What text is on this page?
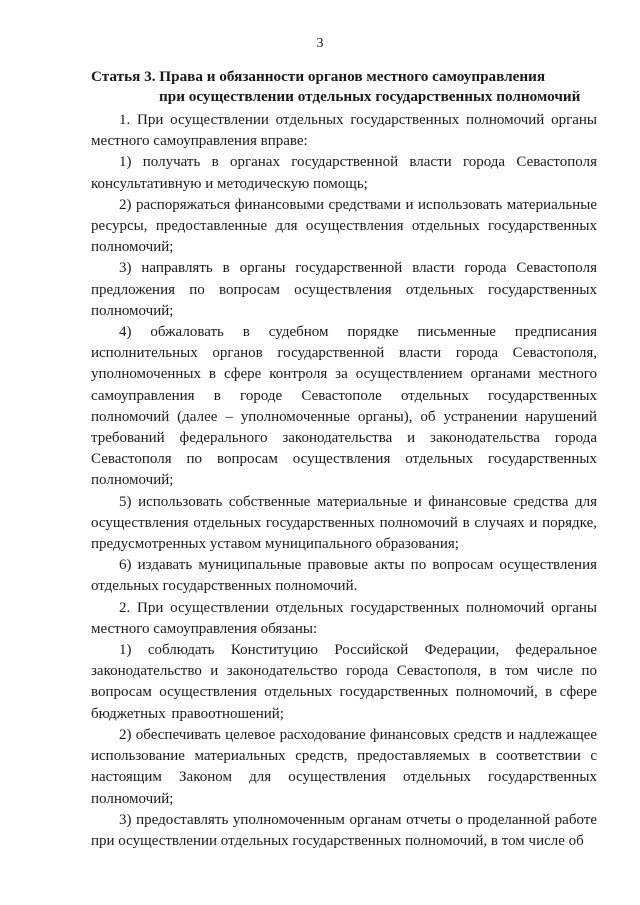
3
Статья 3. Права и обязанности органов местного самоуправления
при осуществлении отдельных государственных полномочий

1. При осуществлении отдельных государственных полномочий органы местного самоуправления вправе:

1) получать в органах государственной власти города Севастополя консультативную и методическую помощь;

2) распоряжаться финансовыми средствами и использовать материальные ресурсы, предоставленные для осуществления отдельных государственных полномочий;

3) направлять в органы государственной власти города Севастополя предложения по вопросам осуществления отдельных государственных полномочий;

4) обжаловать в судебном порядке письменные предписания исполнительных органов государственной власти города Севастополя, уполномоченных в сфере контроля за осуществлением органами местного самоуправления в городе Севастополе отдельных государственных полномочий (далее – уполномоченные органы), об устранении нарушений требований федерального законодательства и законодательства города Севастополя по вопросам осуществления отдельных государственных полномочий;

5) использовать собственные материальные и финансовые средства для осуществления отдельных государственных полномочий в случаях и порядке, предусмотренных уставом муниципального образования;

6) издавать муниципальные правовые акты по вопросам осуществления отдельных государственных полномочий.

2. При осуществлении отдельных государственных полномочий органы местного самоуправления обязаны:

1) соблюдать Конституцию Российской Федерации, федеральное законодательство и законодательство города Севастополя, в том числе по вопросам осуществления отдельных государственных полномочий, в сфере бюджетных правоотношений;

2) обеспечивать целевое расходование финансовых средств и надлежащее использование материальных средств, предоставляемых в соответствии с настоящим Законом для осуществления отдельных государственных полномочий;

3) предоставлять уполномоченным органам отчеты о проделанной работе при осуществлении отдельных государственных полномочий, в том числе об
